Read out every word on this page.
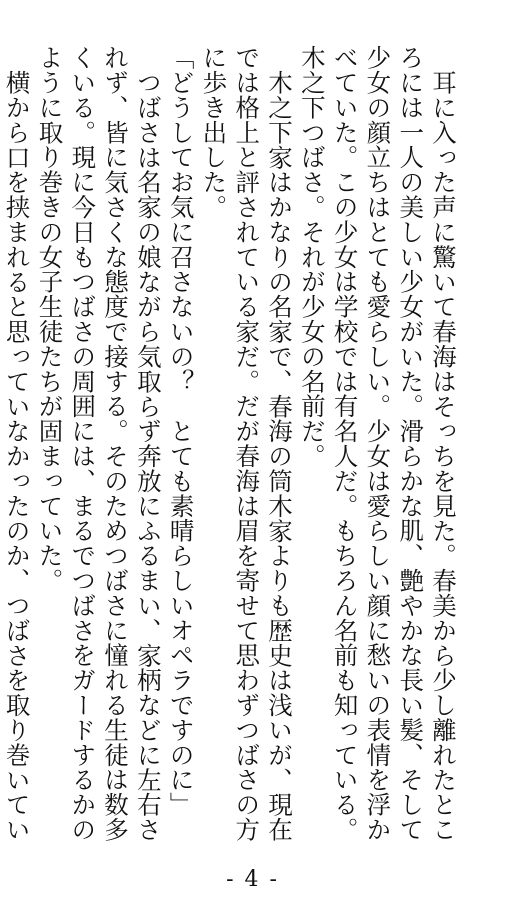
耳に入った声に驚いて春海はそっちを見た。春美から少し離れたところには一人の美しい少女がいた。滑らかな肌、艶やかな長い髪、そして少女の顔立ちはとても愛らしい。少女は愛らしい顔に愁いの表情を浮かべていた。この少女は学校では有名人だ。もちろん名前も知っている。木之下つばさ。それが少女の名前だ。

木之下家はかなりの名家で、春海の筒木家よりも歴史は浅いが、現在では格上と評されている家だ。だが春海は眉を寄せて思わずつばさの方に歩き出した。

「どうしてお気に召さないの？　とても素晴らしいオペラですのに」

つばさは名家の娘ながら気取らず奔放にふるまい、家柄などに左右されず、皆に気さくな態度で接する。そのためつばさに憧れる生徒は数多くいる。現に今日もつばさの周囲には、まるでつばさをガードするかのように取り巻きの女子生徒たちが固まっていた。

横から口を挟まれると思っていなかったのか、つばさを取り巻いてい

- 4 -
